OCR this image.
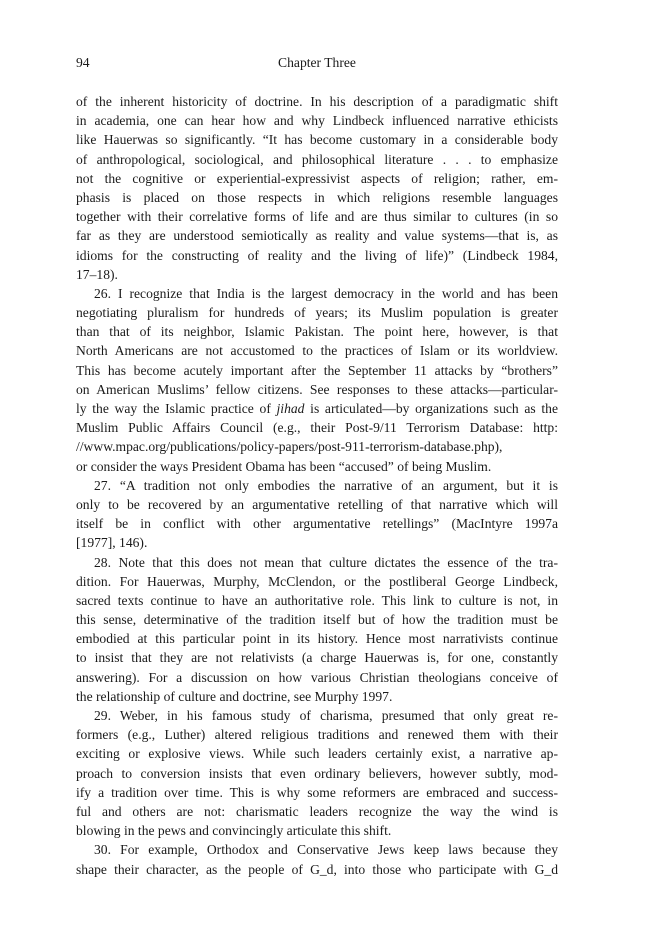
94	Chapter Three
of the inherent historicity of doctrine. In his description of a paradigmatic shift
in academia, one can hear how and why Lindbeck influenced narrative ethicists
like Hauerwas so significantly. “It has become customary in a considerable body
of anthropological, sociological, and philosophical literature . . . to emphasize
not the cognitive or experiential-expressivist aspects of religion; rather, em-
phasis is placed on those respects in which religions resemble languages
together with their correlative forms of life and are thus similar to cultures (in so
far as they are understood semiotically as reality and value systems—that is, as
idioms for the constructing of reality and the living of life)” (Lindbeck 1984,
17–18).
26. I recognize that India is the largest democracy in the world and has been
negotiating pluralism for hundreds of years; its Muslim population is greater
than that of its neighbor, Islamic Pakistan. The point here, however, is that
North Americans are not accustomed to the practices of Islam or its worldview.
This has become acutely important after the September 11 attacks by “brothers”
on American Muslims’ fellow citizens. See responses to these attacks—particular-
ly the way the Islamic practice of jihad is articulated—by organizations such as the
Muslim Public Affairs Council (e.g., their Post-9/11 Terrorism Database: http:
//www.mpac.org/publications/policy-papers/post-911-terrorism-database.php),
or consider the ways President Obama has been “accused” of being Muslim.
27. “A tradition not only embodies the narrative of an argument, but it is
only to be recovered by an argumentative retelling of that narrative which will
itself be in conflict with other argumentative retellings” (MacIntyre 1997a
[1977], 146).
28. Note that this does not mean that culture dictates the essence of the tra-
dition. For Hauerwas, Murphy, McClendon, or the postliberal George Lindbeck,
sacred texts continue to have an authoritative role. This link to culture is not, in
this sense, determinative of the tradition itself but of how the tradition must be
embodied at this particular point in its history. Hence most narrativists continue
to insist that they are not relativists (a charge Hauerwas is, for one, constantly
answering). For a discussion on how various Christian theologians conceive of
the relationship of culture and doctrine, see Murphy 1997.
29. Weber, in his famous study of charisma, presumed that only great re-
formers (e.g., Luther) altered religious traditions and renewed them with their
exciting or explosive views. While such leaders certainly exist, a narrative ap-
proach to conversion insists that even ordinary believers, however subtly, mod-
ify a tradition over time. This is why some reformers are embraced and success-
ful and others are not: charismatic leaders recognize the way the wind is
blowing in the pews and convincingly articulate this shift.
30. For example, Orthodox and Conservative Jews keep laws because they
shape their character, as the people of G_d, into those who participate with G_d
